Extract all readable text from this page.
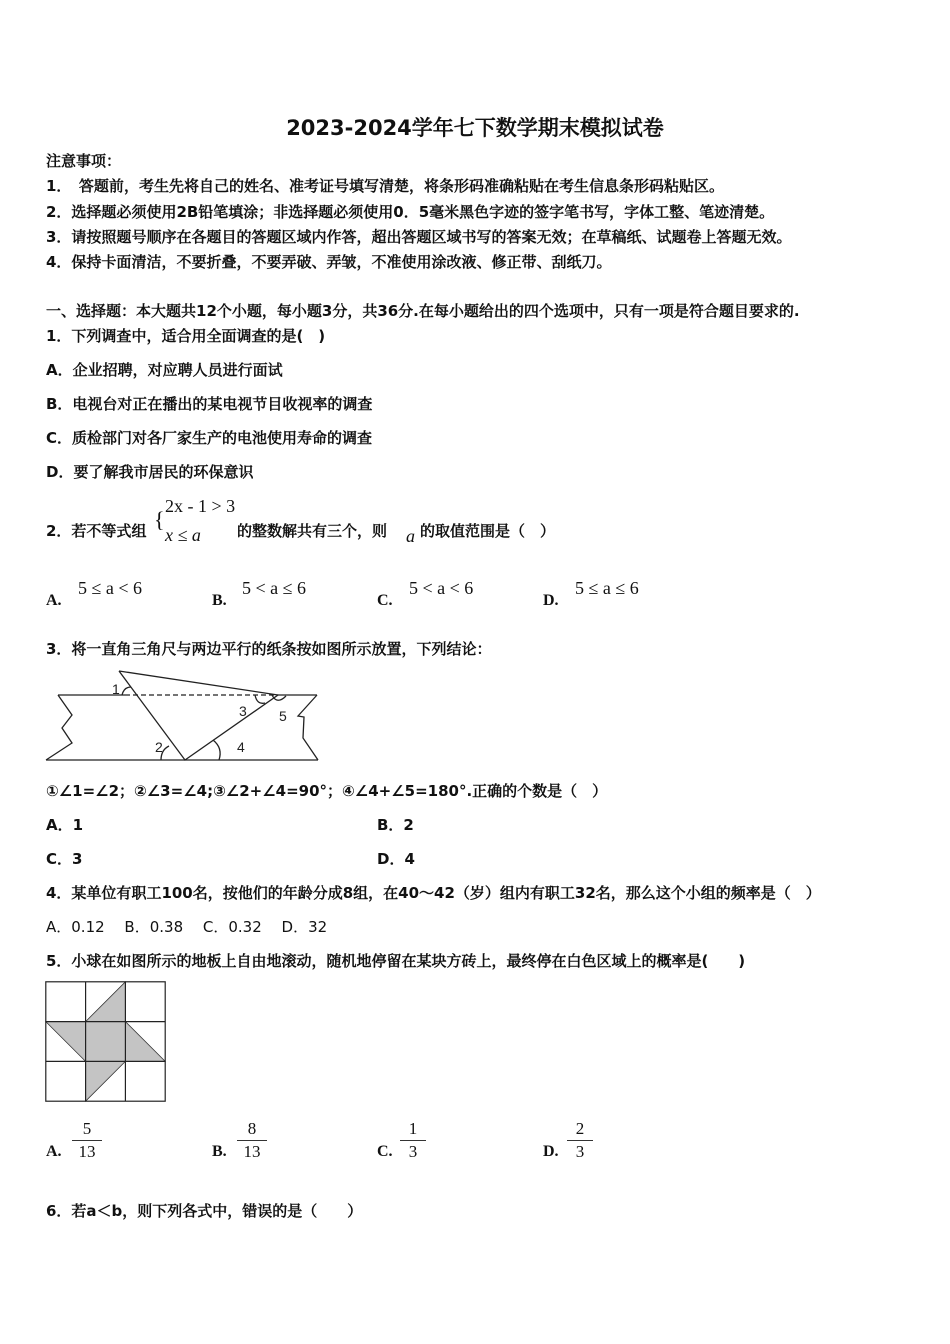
2023-2024学年七下数学期末模拟试卷
注意事项：
1．　答题前，考生先将自己的姓名、准考证号填写清楚，将条形码准确粘贴在考生信息条形码粘贴区。
2．选择题必须使用2B铅笔填涂；非选择题必须使用0．5毫米黑色字迹的签字笔书写，字体工整、笔迹清楚。
3．请按照题号顺序在各题目的答题区域内作答，超出答题区域书写的答案无效；在草稿纸、试题卷上答题无效。
4．保持卡面清洁，不要折叠，不要弄破、弄皱，不准使用涂改液、修正带、刮纸刀。
一、选择题：本大题共12个小题，每小题3分，共36分.在每小题给出的四个选项中，只有一项是符合题目要求的.
1．下列调查中，适合用全面调查的是(　)
A．企业招聘，对应聘人员进行面试
B．电视台对正在播出的某电视节目收视率的调查
C．质检部门对各厂家生产的电池使用寿命的调查
D．要了解我市居民的环保意识
2．若不等式组 {
2x - 1 > 3
x ≤ a 的整数解共有三个，则 a 的取值范围是（　）
A.
5 ≤ a < 6
B.
5 < a ≤ 6
C.
5 < a < 6
D.
5 ≤ a ≤ 6
3．将一直角三角尺与两边平行的纸条按如图所示放置，下列结论：
1
2
3
4
5
①∠1=∠2；②∠3=∠4;③∠2+∠4=90°；④∠4+∠5=180°.正确的个数是（　）
A．1	B．2
C．3	D．4
4．某单位有职工100名，按他们的年龄分成8组，在40～42（岁）组内有职工32名，那么这个小组的频率是（　）
A．0.12　 B．0.38　 C．0.32　 D．32
5．小球在如图所示的地板上自由地滚动，随机地停留在某块方砖上，最终停在白色区域上的概率是(　　)
A. $\frac{5}{13}$	B. $\frac{8}{13}$	C. $\frac{1}{3}$	D. $\frac{2}{3}$
6．若a＜b，则下列各式中，错误的是（　　）
